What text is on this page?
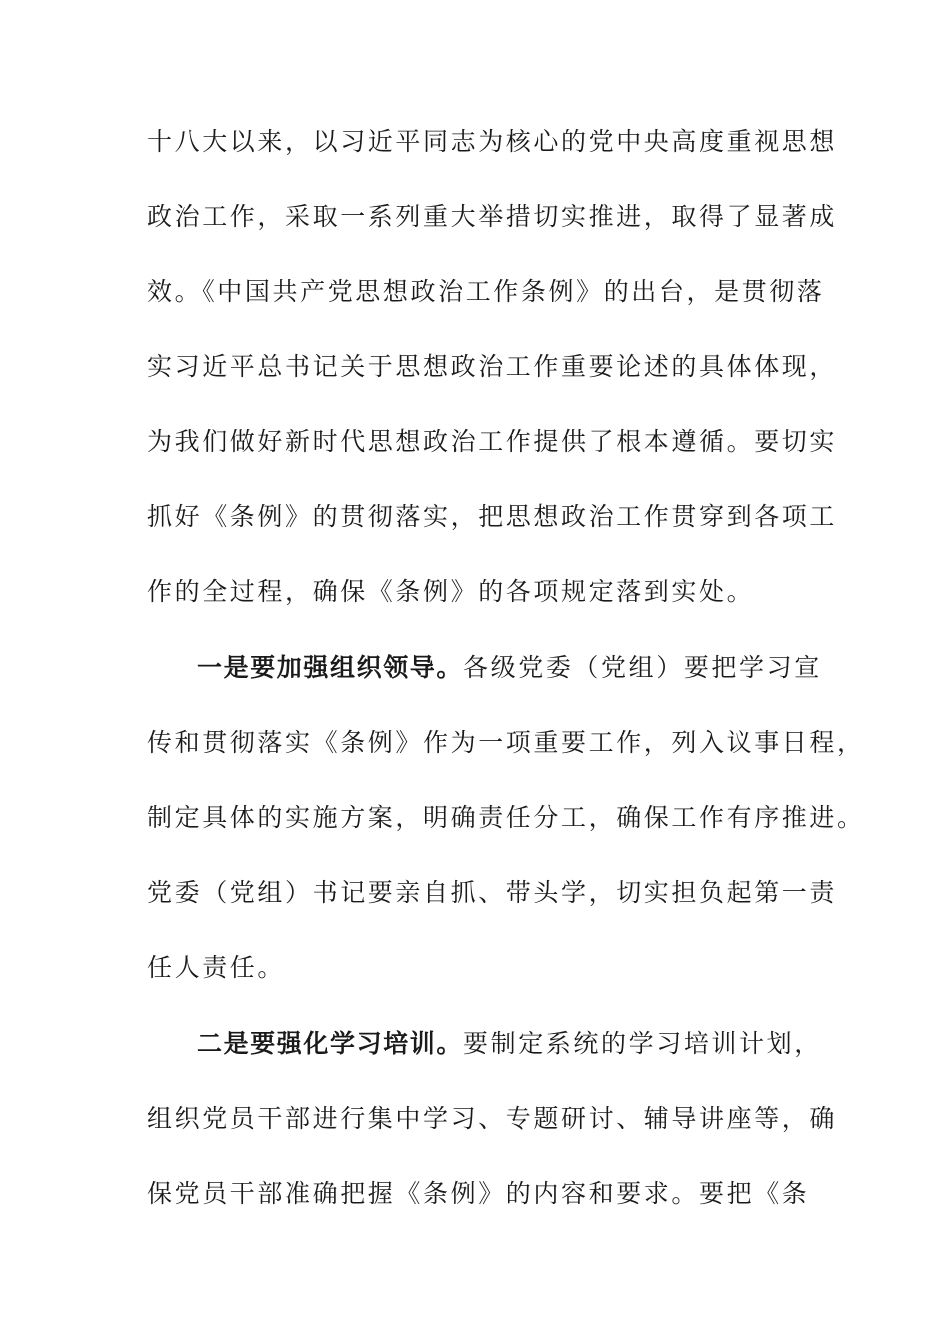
十八大以来，以习近平同志为核心的党中央高度重视思想
政治工作，采取一系列重大举措切实推进，取得了显著成
效。《中国共产党思想政治工作条例》的出台，是贯彻落
实习近平总书记关于思想政治工作重要论述的具体体现，
为我们做好新时代思想政治工作提供了根本遵循。要切实
抓好《条例》的贯彻落实，把思想政治工作贯穿到各项工
作的全过程，确保《条例》的各项规定落到实处。
一是要加强组织领导。各级党委（党组）要把学习宣
传和贯彻落实《条例》作为一项重要工作，列入议事日程，
制定具体的实施方案，明确责任分工，确保工作有序推进。
党委（党组）书记要亲自抓、带头学，切实担负起第一责
任人责任。
二是要强化学习培训。要制定系统的学习培训计划，
组织党员干部进行集中学习、专题研讨、辅导讲座等，确
保党员干部准确把握《条例》的内容和要求。要把《条
